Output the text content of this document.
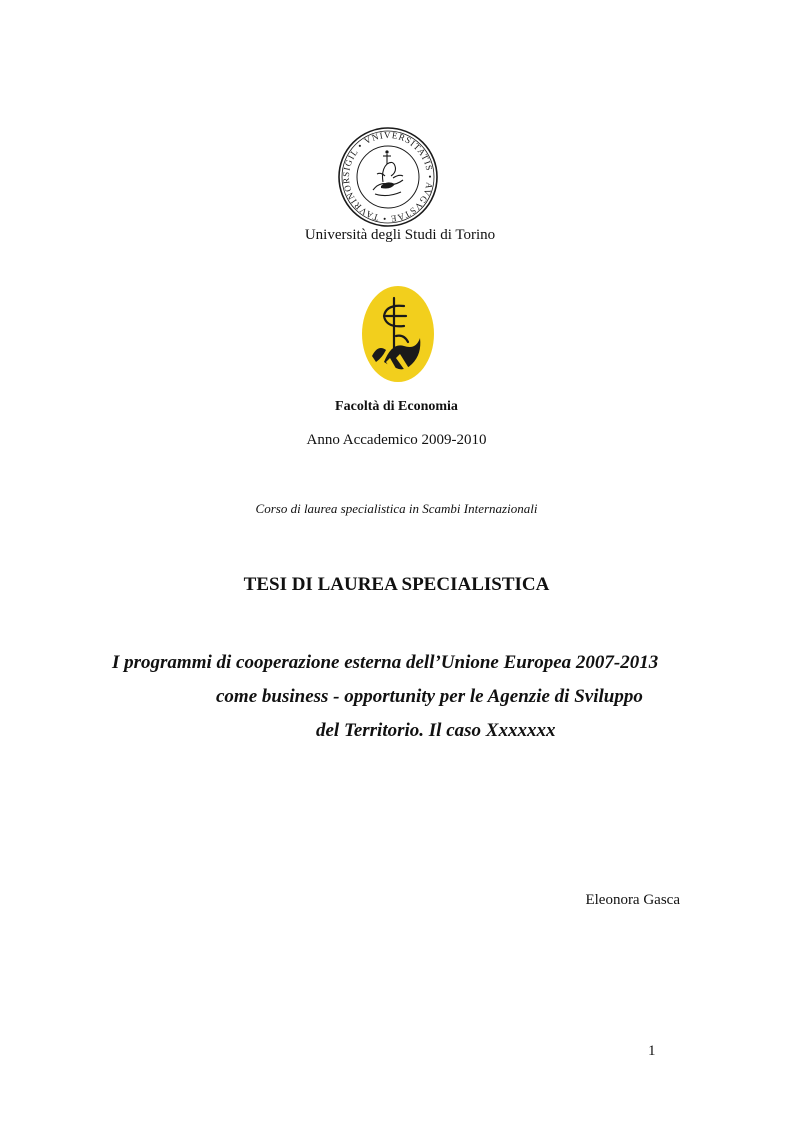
SIGIL • VNIVERSITATIS • AVGVSTAE • TAVRINOR
Università degli Studi di Torino
Facoltà di Economia
Anno Accademico 2009-2010
Corso di laurea specialistica in Scambi Internazionali
TESI DI LAUREA SPECIALISTICA
I programmi di cooperazione esterna dell’Unione Europea 2007-2013
come business - opportunity per le Agenzie di Sviluppo
del Territorio. Il caso Xxxxxxx
Eleonora Gasca
1
